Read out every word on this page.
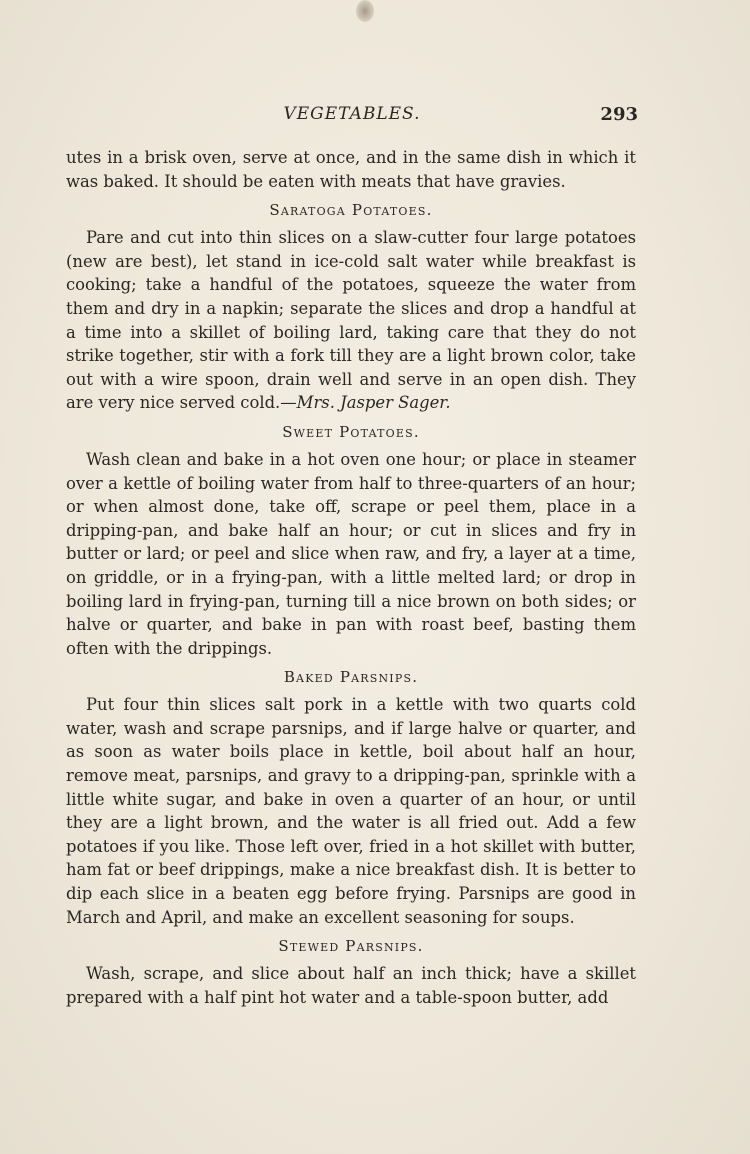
VEGETABLES.	293

utes in a brisk oven, serve at once, and in the same dish in which it was baked. It should be eaten with meats that have gravies.

Saratoga Potatoes.

Pare and cut into thin slices on a slaw-cutter four large potatoes (new are best), let stand in ice-cold salt water while breakfast is cooking; take a handful of the potatoes, squeeze the water from them and dry in a napkin; separate the slices and drop a handful at a time into a skillet of boiling lard, taking care that they do not strike together, stir with a fork till they are a light brown color, take out with a wire spoon, drain well and serve in an open dish. They are very nice served cold.—Mrs. Jasper Sager.

Sweet Potatoes.

Wash clean and bake in a hot oven one hour; or place in steamer over a kettle of boiling water from half to three-quarters of an hour; or when almost done, take off, scrape or peel them, place in a dripping-pan, and bake half an hour; or cut in slices and fry in butter or lard; or peel and slice when raw, and fry, a layer at a time, on griddle, or in a frying-pan, with a little melted lard; or drop in boiling lard in frying-pan, turning till a nice brown on both sides; or halve or quarter, and bake in pan with roast beef, basting them often with the drippings.

Baked Parsnips.

Put four thin slices salt pork in a kettle with two quarts cold water, wash and scrape parsnips, and if large halve or quarter, and as soon as water boils place in kettle, boil about half an hour, remove meat, parsnips, and gravy to a dripping-pan, sprinkle with a little white sugar, and bake in oven a quarter of an hour, or until they are a light brown, and the water is all fried out. Add a few potatoes if you like. Those left over, fried in a hot skillet with butter, ham fat or beef drippings, make a nice breakfast dish. It is better to dip each slice in a beaten egg before frying. Parsnips are good in March and April, and make an excellent seasoning for soups.

Stewed Parsnips.

Wash, scrape, and slice about half an inch thick; have a skillet prepared with a half pint hot water and a table-spoon butter, add
